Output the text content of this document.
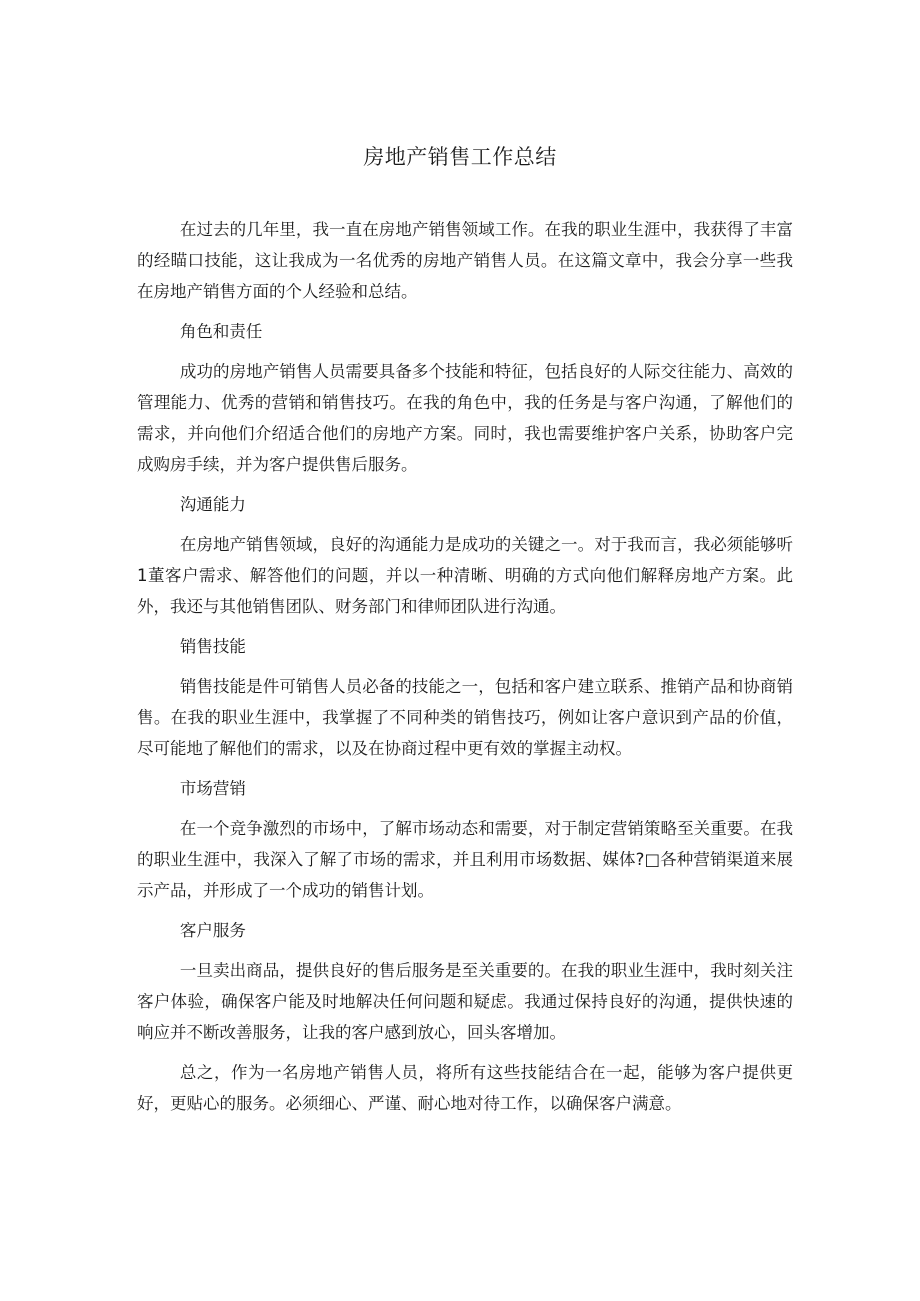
房地产销售工作总结

在过去的几年里，我一直在房地产销售领域工作。在我的职业生涯中，我获得了丰富的经瞄口技能，这让我成为一名优秀的房地产销售人员。在这篇文章中，我会分享一些我在房地产销售方面的个人经验和总结。

角色和责任

成功的房地产销售人员需要具备多个技能和特征，包括良好的人际交往能力、高效的管理能力、优秀的营销和销售技巧。在我的角色中，我的任务是与客户沟通，了解他们的需求，并向他们介绍适合他们的房地产方案。同时，我也需要维护客户关系，协助客户完成购房手续，并为客户提供售后服务。

沟通能力

在房地产销售领域，良好的沟通能力是成功的关键之一。对于我而言，我必须能够听1董客户需求、解答他们的问题，并以一种清晰、明确的方式向他们解释房地产方案。此外，我还与其他销售团队、财务部门和律师团队进行沟通。

销售技能

销售技能是件可销售人员必备的技能之一，包括和客户建立联系、推销产品和协商销售。在我的职业生涯中，我掌握了不同种类的销售技巧，例如让客户意识到产品的价值，尽可能地了解他们的需求，以及在协商过程中更有效的掌握主动权。

市场营销

在一个竞争激烈的市场中，了解市场动态和需要，对于制定营销策略至关重要。在我的职业生涯中，我深入了解了市场的需求，并且利用市场数据、媒体?□各种营销渠道来展示产品，并形成了一个成功的销售计划。

客户服务

一旦卖出商品，提供良好的售后服务是至关重要的。在我的职业生涯中，我时刻关注客户体验，确保客户能及时地解决任何问题和疑虑。我通过保持良好的沟通，提供快速的响应并不断改善服务，让我的客户感到放心，回头客增加。

总之，作为一名房地产销售人员，将所有这些技能结合在一起，能够为客户提供更好，更贴心的服务。必须细心、严谨、耐心地对待工作，以确保客户满意。
